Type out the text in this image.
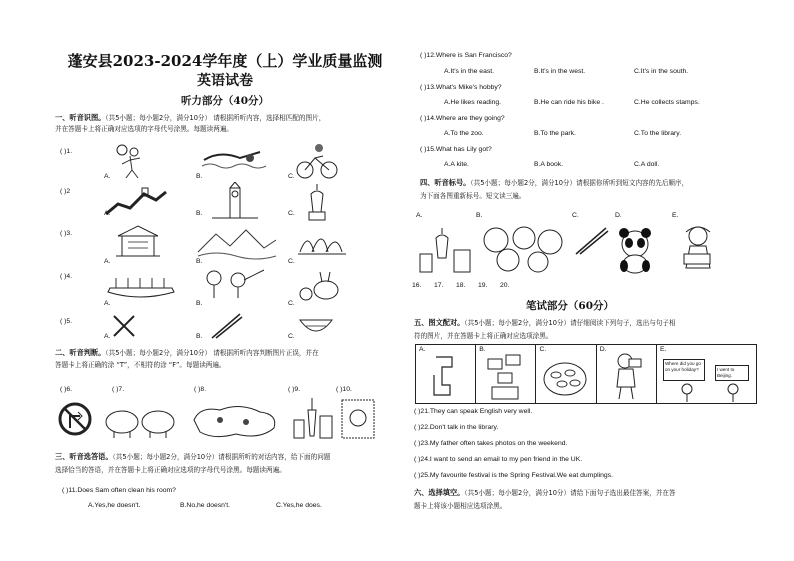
蓬安县2023-2024学年度（上）学业质量监测
英语试卷
听力部分（40分）
一、听音识图。（共5小题；每小题2分，满分10分） 请根据所听内容，选择相匹配的图片，
并在答题卡上将正确对应选项的字母代号涂黑。每题读两遍。
( )1.
A.	B.	C.
( )2
A.	B.	C.
( )3.
A.	B.	C.
( )4.
A.	B.	C.
( )5.
A.	B.	C.
二、听音判断。（共5小题；每小题2分，满分10分） 请根据所听内容判断图片正误，并在
答题卡上将正确的涂 “T”，不相符的涂 “F”。每题读两遍。
( )6.	( )7.	( )8.	( )9.	( )10.
三、听音选答语。（共5小题；每小题2分，满分10分）请根据所听的对话内容，给下面的问题
选择恰当的答语，并在答题卡上将正确对应选项的字母代号涂黑。每题读两遍。
( )11.Does Sam often clean his room?
A.Yes,he doesn't.	B.No,he doesn't.	C.Yes,he does.
( )12.Where is San Francisco?
A.It's in the east.	B.It's in the west.	C.It's in the south.
( )13.What's Mike's hobby?
A.He likes reading.	B.He can ride his bike .	C.He collects stamps.
( )14.Where are they going?
A.To the zoo.	B.To the park.	C.To the library.
( )15.What has Lily got?
A.A kite.	B.A book.	C.A doll.
四、听音标号。（共5小题；每小题2分，满分10分）请根据你所听到短文内容的先后顺序，
为下面各图重新标号。短文读三遍。
A.	B.	C.	D.	E.
16. 17. 18. 19. 20.
笔试部分（60分）
五、图文配对。（共5小题；每小题2分，满分10分）请仔细阅读下列句子，选出与句子相
符的图片，并在答题卡上将正确对应选项涂黑。
A.	B.	C.	D.	E.
Where did you go on your holiday?	I went to Beijing.
( )21.They can speak English very well.
( )22.Don't talk in the library.
( )23.My father often takes photos on the weekend.
( )24.I want to send an email to my pen friend in the UK.
( )25.My favourite festival is the Spring Festival.We eat dumplings.
六、选择填空。（共5小题；每小题2分，满分10分）请给下面句子选出最佳答案，并在答
题卡上将该小题相应选项涂黑。
